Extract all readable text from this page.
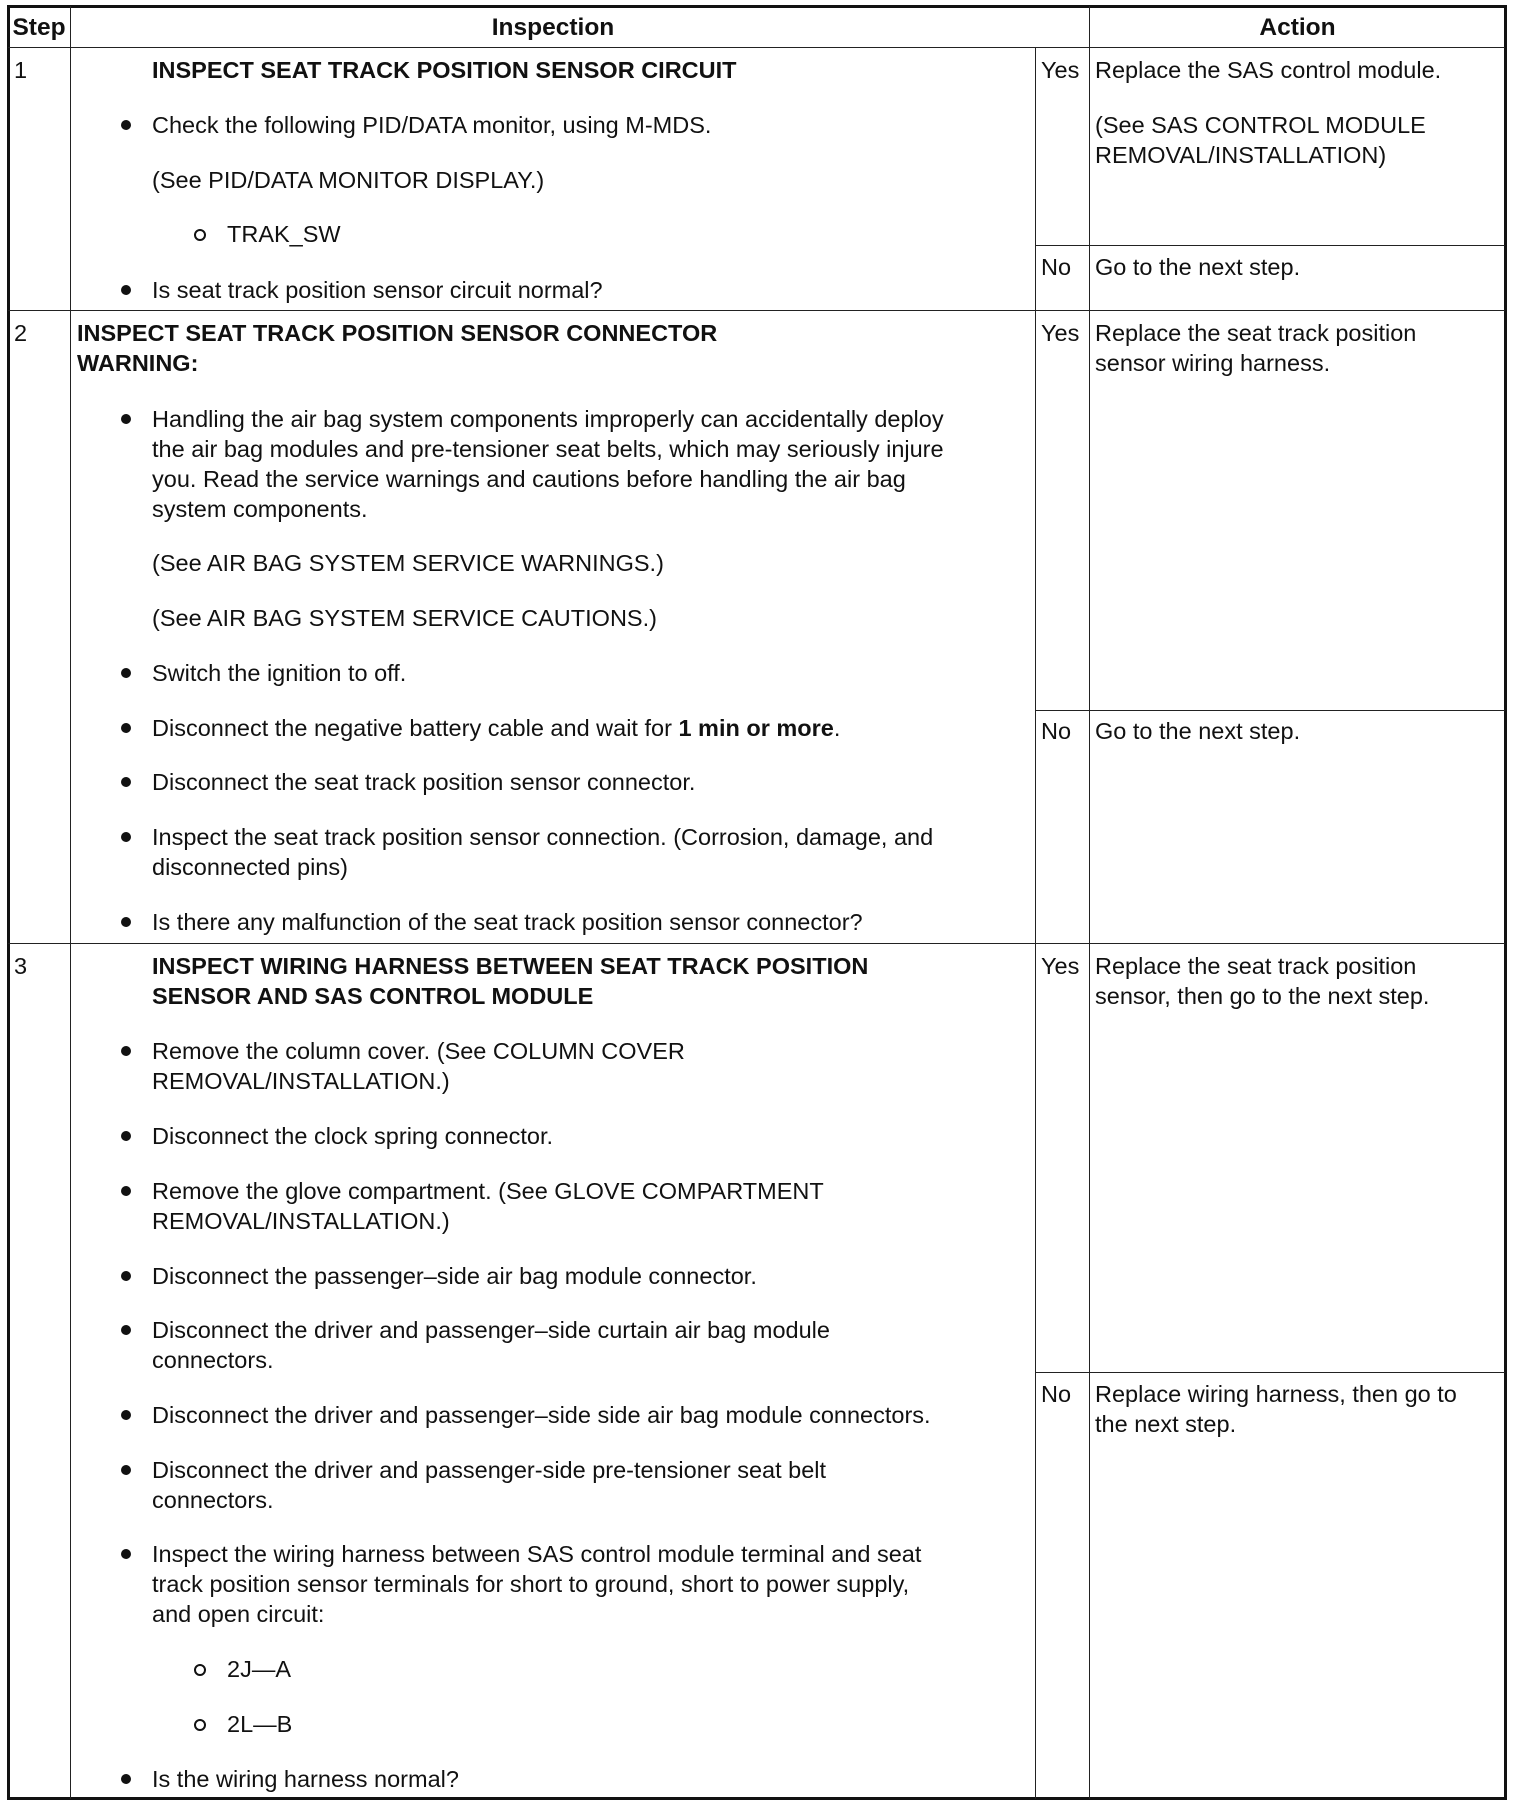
Step	Inspection	Action
1	INSPECT SEAT TRACK POSITION SENSOR CIRCUIT
Check the following PID/DATA monitor, using M-MDS.
(See PID/DATA MONITOR DISPLAY.)
TRAK_SW
Is seat track position sensor circuit normal?
Yes Replace the SAS control module.
(See SAS CONTROL MODULE
REMOVAL/INSTALLATION)
No Go to the next step.
2 INSPECT SEAT TRACK POSITION SENSOR CONNECTOR
WARNING:
Handling the air bag system components improperly can accidentally deploy
the air bag modules and pre-tensioner seat belts, which may seriously injure
you. Read the service warnings and cautions before handling the air bag
system components.
(See AIR BAG SYSTEM SERVICE WARNINGS.)
(See AIR BAG SYSTEM SERVICE CAUTIONS.)
Switch the ignition to off.
Disconnect the negative battery cable and wait for 1 min or more.
Disconnect the seat track position sensor connector.
Inspect the seat track position sensor connection. (Corrosion, damage, and
disconnected pins)
Is there any malfunction of the seat track position sensor connector?
Yes Replace the seat track position
sensor wiring harness.
No Go to the next step.
3	INSPECT WIRING HARNESS BETWEEN SEAT TRACK POSITION
SENSOR AND SAS CONTROL MODULE
Remove the column cover. (See COLUMN COVER
REMOVAL/INSTALLATION.)
Disconnect the clock spring connector.
Remove the glove compartment. (See GLOVE COMPARTMENT
REMOVAL/INSTALLATION.)
Disconnect the passenger–side air bag module connector.
Disconnect the driver and passenger–side curtain air bag module
connectors.
Disconnect the driver and passenger–side side air bag module connectors.
Disconnect the driver and passenger-side pre-tensioner seat belt
connectors.
Inspect the wiring harness between SAS control module terminal and seat
track position sensor terminals for short to ground, short to power supply,
and open circuit:
2J—A
2L—B
Is the wiring harness normal?
Yes Replace the seat track position
sensor, then go to the next step.
No Replace wiring harness, then go to
the next step.
